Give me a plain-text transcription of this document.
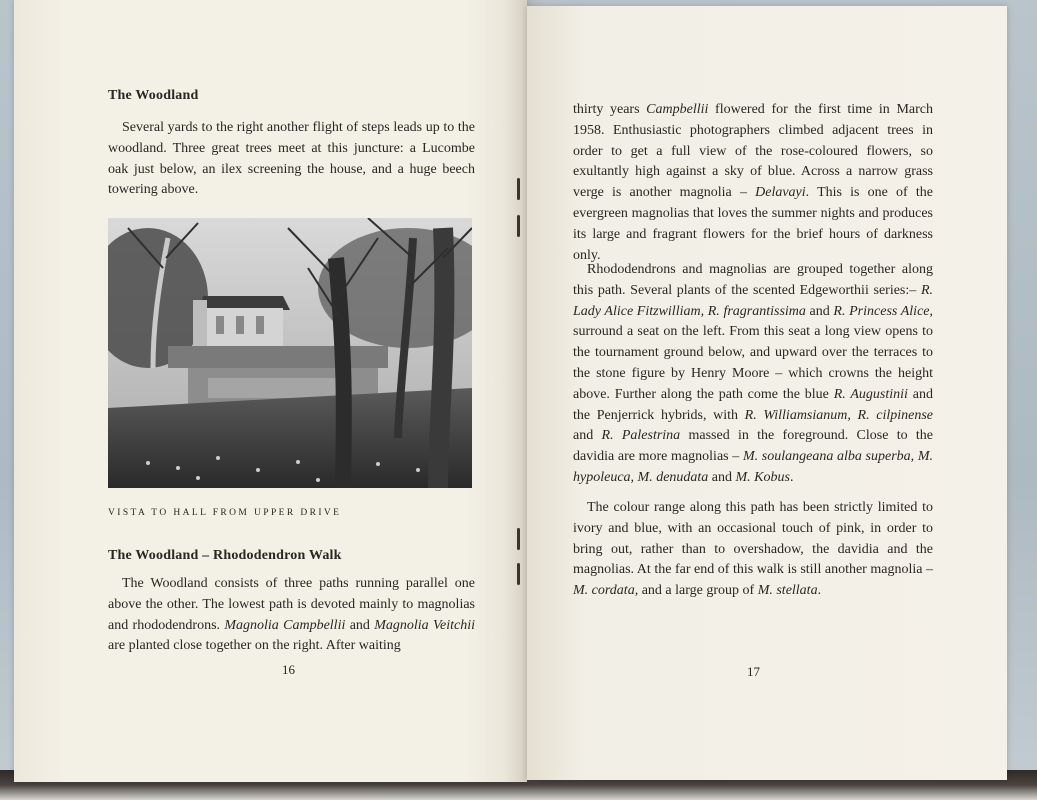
The Woodland

Several yards to the right another flight of steps leads up to the woodland. Three great trees meet at this juncture: a Lucombe oak just below, an ilex screening the house, and a huge beech towering above.

VISTA TO HALL FROM UPPER DRIVE
The Woodland – Rhododendron Walk

The Woodland consists of three paths running parallel one above the other. The lowest path is devoted mainly to magnolias and rhododendrons. Magnolia Campbellii and Magnolia Veitchii are planted close together on the right. After waiting

16

thirty years Campbellii flowered for the first time in March 1958. Enthusiastic photographers climbed adjacent trees in order to get a full view of the rose-coloured flowers, so exultantly high against a sky of blue. Across a narrow grass verge is another magnolia – Delavayi. This is one of the evergreen magnolias that loves the summer nights and produces its large and fragrant flowers for the brief hours of darkness only.

Rhododendrons and magnolias are grouped together along this path. Several plants of the scented Edgeworthii series:– R. Lady Alice Fitzwilliam, R. fragrantissima and R. Princess Alice, surround a seat on the left. From this seat a long view opens to the tournament ground below, and upward over the terraces to the stone figure by Henry Moore – which crowns the height above. Further along the path come the blue R. Augustinii and the Penjerrick hybrids, with R. Williamsianum, R. cilpinense and R. Palestrina massed in the foreground. Close to the davidia are more magnolias – M. soulangeana alba superba, M. hypoleuca, M. denudata and M. Kobus.

The colour range along this path has been strictly limited to ivory and blue, with an occasional touch of pink, in order to bring out, rather than to overshadow, the davidia and the magnolias. At the far end of this walk is still another magnolia – M. cordata, and a large group of M. stellata.

17
